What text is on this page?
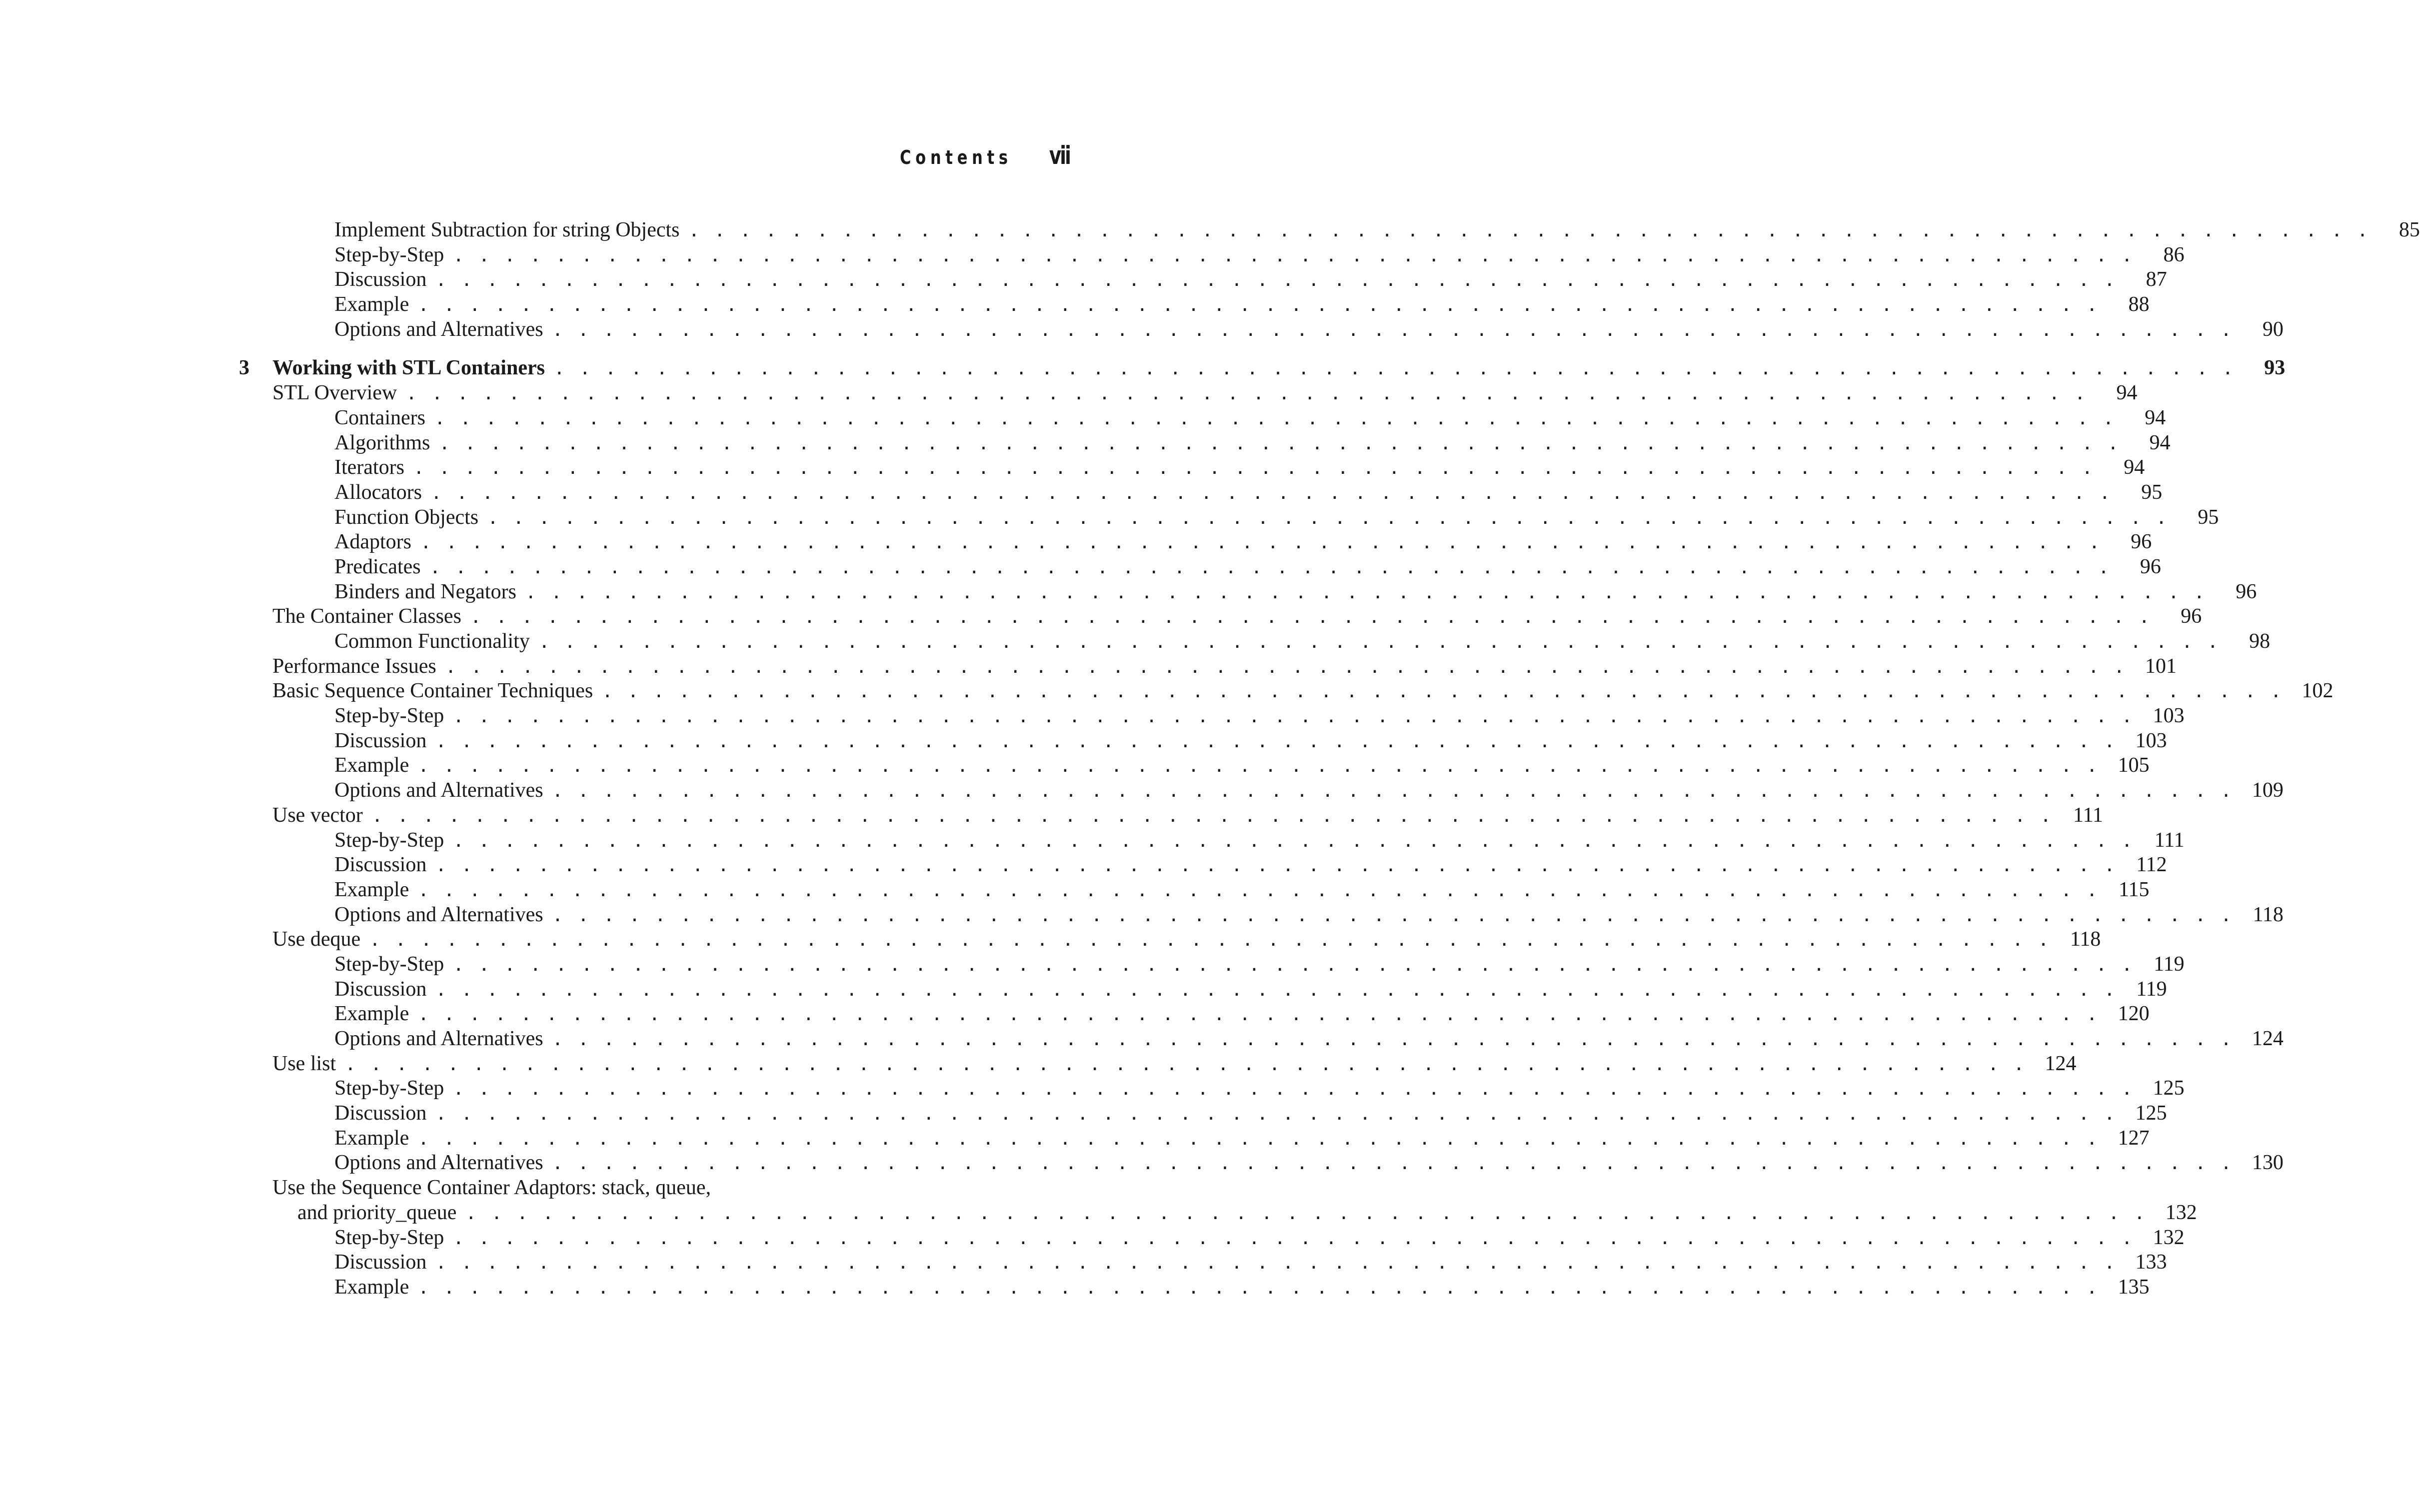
Contents vii
Implement Subtraction for string Objects . . . . . . . . . . . . . . . . . . . . . . . . . . . . . . . . . . . . . . . . . . . . . . . . . . . . . . . . . . . . . . . . . .	85
Step-by-Step . . . . . . . . . . . . . . . . . . . . . . . . . . . . . . . . . . . . . . . . . . . . . . . . . . . . . . . . . . . . . . . . . .	86
Discussion . . . . . . . . . . . . . . . . . . . . . . . . . . . . . . . . . . . . . . . . . . . . . . . . . . . . . . . . . . . . . . . . . .	87
Example . . . . . . . . . . . . . . . . . . . . . . . . . . . . . . . . . . . . . . . . . . . . . . . . . . . . . . . . . . . . . . . . . .	88
Options and Alternatives . . . . . . . . . . . . . . . . . . . . . . . . . . . . . . . . . . . . . . . . . . . . . . . . . . . . . . . . . . . . . . . . . .	90
3 Working with STL Containers . . . . . . . . . . . . . . . . . . . . . . . . . . . . . . . . . . . . . . . . . . . . . . . . . . . . . . . . . . . . . . . . . .	93
STL Overview . . . . . . . . . . . . . . . . . . . . . . . . . . . . . . . . . . . . . . . . . . . . . . . . . . . . . . . . . . . . . . . . . .	94
Containers . . . . . . . . . . . . . . . . . . . . . . . . . . . . . . . . . . . . . . . . . . . . . . . . . . . . . . . . . . . . . . . . . .	94
Algorithms . . . . . . . . . . . . . . . . . . . . . . . . . . . . . . . . . . . . . . . . . . . . . . . . . . . . . . . . . . . . . . . . . .	94
Iterators . . . . . . . . . . . . . . . . . . . . . . . . . . . . . . . . . . . . . . . . . . . . . . . . . . . . . . . . . . . . . . . . . .	94
Allocators . . . . . . . . . . . . . . . . . . . . . . . . . . . . . . . . . . . . . . . . . . . . . . . . . . . . . . . . . . . . . . . . . .	95
Function Objects . . . . . . . . . . . . . . . . . . . . . . . . . . . . . . . . . . . . . . . . . . . . . . . . . . . . . . . . . . . . . . . . . .	95
Adaptors . . . . . . . . . . . . . . . . . . . . . . . . . . . . . . . . . . . . . . . . . . . . . . . . . . . . . . . . . . . . . . . . . .	96
Predicates . . . . . . . . . . . . . . . . . . . . . . . . . . . . . . . . . . . . . . . . . . . . . . . . . . . . . . . . . . . . . . . . . .	96
Binders and Negators . . . . . . . . . . . . . . . . . . . . . . . . . . . . . . . . . . . . . . . . . . . . . . . . . . . . . . . . . . . . . . . . . .	96
The Container Classes . . . . . . . . . . . . . . . . . . . . . . . . . . . . . . . . . . . . . . . . . . . . . . . . . . . . . . . . . . . . . . . . . .	96
Common Functionality . . . . . . . . . . . . . . . . . . . . . . . . . . . . . . . . . . . . . . . . . . . . . . . . . . . . . . . . . . . . . . . . . .	98
Performance Issues . . . . . . . . . . . . . . . . . . . . . . . . . . . . . . . . . . . . . . . . . . . . . . . . . . . . . . . . . . . . . . . . . . 101
Basic Sequence Container Techniques . . . . . . . . . . . . . . . . . . . . . . . . . . . . . . . . . . . . . . . . . . . . . . . . . . . . . . . . . . . . . . . . . . 102
Step-by-Step . . . . . . . . . . . . . . . . . . . . . . . . . . . . . . . . . . . . . . . . . . . . . . . . . . . . . . . . . . . . . . . . . . 103
Discussion . . . . . . . . . . . . . . . . . . . . . . . . . . . . . . . . . . . . . . . . . . . . . . . . . . . . . . . . . . . . . . . . . . 103
Example . . . . . . . . . . . . . . . . . . . . . . . . . . . . . . . . . . . . . . . . . . . . . . . . . . . . . . . . . . . . . . . . . . 105
Options and Alternatives . . . . . . . . . . . . . . . . . . . . . . . . . . . . . . . . . . . . . . . . . . . . . . . . . . . . . . . . . . . . . . . . . . 109
Use vector . . . . . . . . . . . . . . . . . . . . . . . . . . . . . . . . . . . . . . . . . . . . . . . . . . . . . . . . . . . . . . . . . . 111
Step-by-Step . . . . . . . . . . . . . . . . . . . . . . . . . . . . . . . . . . . . . . . . . . . . . . . . . . . . . . . . . . . . . . . . . . 111
Discussion . . . . . . . . . . . . . . . . . . . . . . . . . . . . . . . . . . . . . . . . . . . . . . . . . . . . . . . . . . . . . . . . . . 112
Example . . . . . . . . . . . . . . . . . . . . . . . . . . . . . . . . . . . . . . . . . . . . . . . . . . . . . . . . . . . . . . . . . . 115
Options and Alternatives . . . . . . . . . . . . . . . . . . . . . . . . . . . . . . . . . . . . . . . . . . . . . . . . . . . . . . . . . . . . . . . . . . 118
Use deque . . . . . . . . . . . . . . . . . . . . . . . . . . . . . . . . . . . . . . . . . . . . . . . . . . . . . . . . . . . . . . . . . . 118
Step-by-Step . . . . . . . . . . . . . . . . . . . . . . . . . . . . . . . . . . . . . . . . . . . . . . . . . . . . . . . . . . . . . . . . . . 119
Discussion . . . . . . . . . . . . . . . . . . . . . . . . . . . . . . . . . . . . . . . . . . . . . . . . . . . . . . . . . . . . . . . . . . 119
Example . . . . . . . . . . . . . . . . . . . . . . . . . . . . . . . . . . . . . . . . . . . . . . . . . . . . . . . . . . . . . . . . . . 120
Options and Alternatives . . . . . . . . . . . . . . . . . . . . . . . . . . . . . . . . . . . . . . . . . . . . . . . . . . . . . . . . . . . . . . . . . . 124
Use list . . . . . . . . . . . . . . . . . . . . . . . . . . . . . . . . . . . . . . . . . . . . . . . . . . . . . . . . . . . . . . . . . . 124
Step-by-Step . . . . . . . . . . . . . . . . . . . . . . . . . . . . . . . . . . . . . . . . . . . . . . . . . . . . . . . . . . . . . . . . . . 125
Discussion . . . . . . . . . . . . . . . . . . . . . . . . . . . . . . . . . . . . . . . . . . . . . . . . . . . . . . . . . . . . . . . . . . 125
Example . . . . . . . . . . . . . . . . . . . . . . . . . . . . . . . . . . . . . . . . . . . . . . . . . . . . . . . . . . . . . . . . . . 127
Options and Alternatives . . . . . . . . . . . . . . . . . . . . . . . . . . . . . . . . . . . . . . . . . . . . . . . . . . . . . . . . . . . . . . . . . . 130
Use the Sequence Container Adaptors: stack, queue,
and priority_queue . . . . . . . . . . . . . . . . . . . . . . . . . . . . . . . . . . . . . . . . . . . . . . . . . . . . . . . . . . . . . . . . . . 132
Step-by-Step . . . . . . . . . . . . . . . . . . . . . . . . . . . . . . . . . . . . . . . . . . . . . . . . . . . . . . . . . . . . . . . . . . 132
Discussion . . . . . . . . . . . . . . . . . . . . . . . . . . . . . . . . . . . . . . . . . . . . . . . . . . . . . . . . . . . . . . . . . . 133
Example . . . . . . . . . . . . . . . . . . . . . . . . . . . . . . . . . . . . . . . . . . . . . . . . . . . . . . . . . . . . . . . . . . 135
